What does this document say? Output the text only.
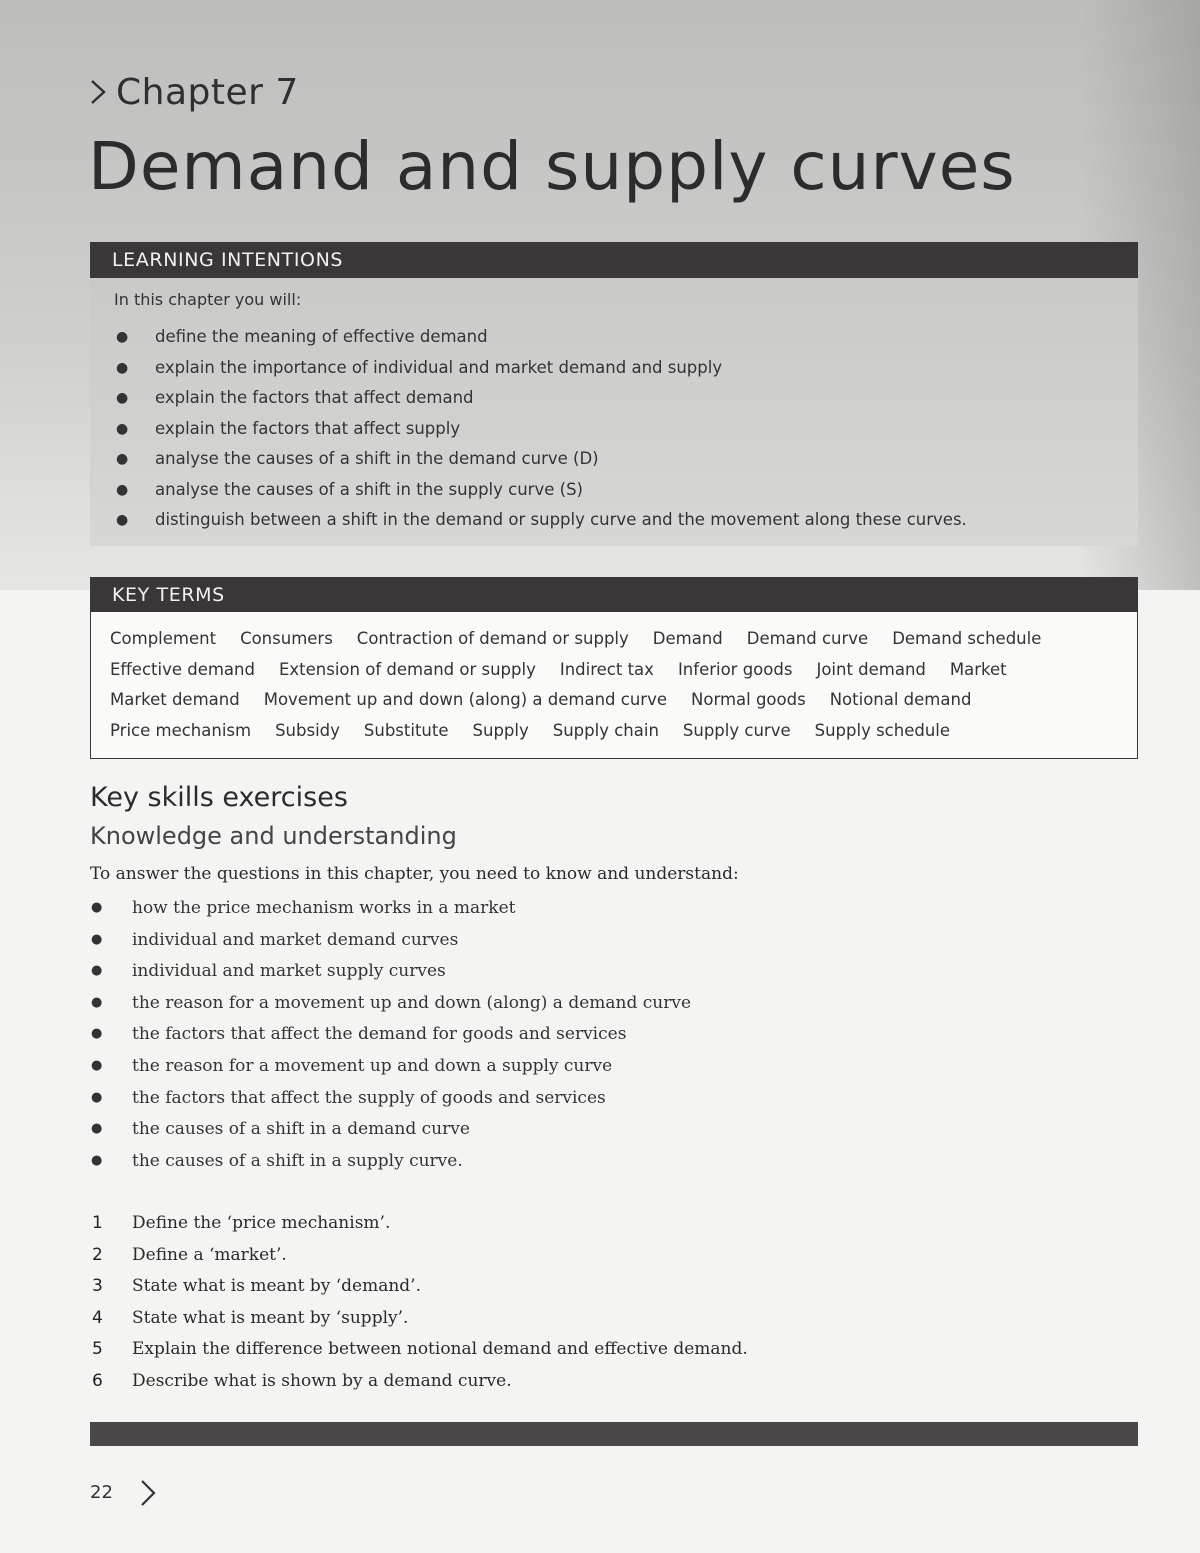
Chapter 7
Demand and supply curves
LEARNING INTENTIONS
In this chapter you will:
● define the meaning of effective demand
● explain the importance of individual and market demand and supply
● explain the factors that affect demand
● explain the factors that affect supply
● analyse the causes of a shift in the demand curve (D)
● analyse the causes of a shift in the supply curve (S)
● distinguish between a shift in the demand or supply curve and the movement along these curves.
KEY TERMS
Complement Consumers Contraction of demand or supply Demand Demand curve Demand schedule
Effective demand Extension of demand or supply Indirect tax Inferior goods Joint demand Market
Market demand Movement up and down (along) a demand curve Normal goods Notional demand
Price mechanism Subsidy Substitute Supply Supply chain Supply curve Supply schedule
Key skills exercises
Knowledge and understanding
To answer the questions in this chapter, you need to know and understand:
● how the price mechanism works in a market
● individual and market demand curves
● individual and market supply curves
● the reason for a movement up and down (along) a demand curve
● the factors that affect the demand for goods and services
● the reason for a movement up and down a supply curve
● the factors that affect the supply of goods and services
● the causes of a shift in a demand curve
● the causes of a shift in a supply curve.
1 Define the ‘price mechanism’.
2 Define a ‘market’.
3 State what is meant by ‘demand’.
4 State what is meant by ‘supply’.
5 Explain the difference between notional demand and effective demand.
6 Describe what is shown by a demand curve.
22
